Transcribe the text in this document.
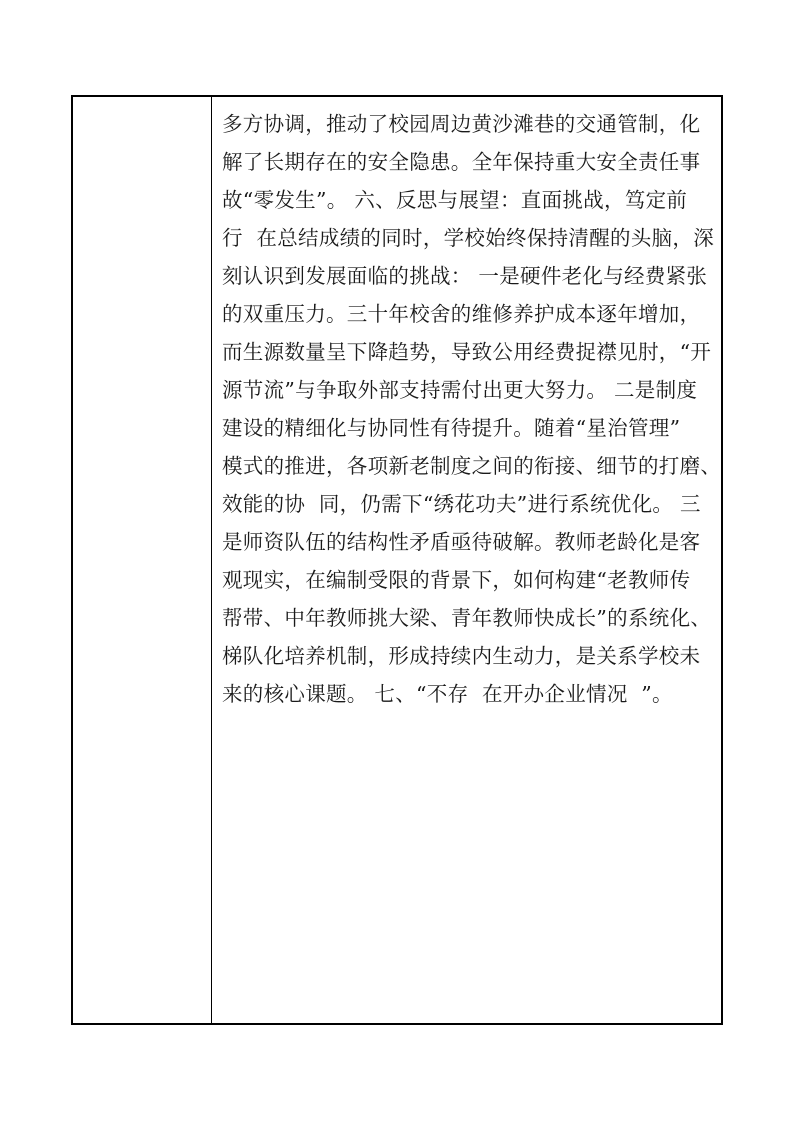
多方协调，推动了校园周边黄沙滩巷的交通管制，化
解了长期存在的安全隐患。全年保持重大安全责任事
故“零发生”。 六、反思与展望：直面挑战，笃定前
行  在总结成绩的同时，学校始终保持清醒的头脑，深
刻认识到发展面临的挑战： 一是硬件老化与经费紧张
的双重压力。三十年校舍的维修养护成本逐年增加，
而生源数量呈下降趋势，导致公用经费捉襟见肘，“开
源节流”与争取外部支持需付出更大努力。 二是制度
建设的精细化与协同性有待提升。随着“星治管理”
模式的推进，各项新老制度之间的衔接、细节的打磨、
效能的协  同，仍需下“绣花功夫”进行系统优化。 三
是师资队伍的结构性矛盾亟待破解。教师老龄化是客
观现实，在编制受限的背景下，如何构建“老教师传
帮带、中年教师挑大梁、青年教师快成长”的系统化、
梯队化培养机制，形成持续内生动力，是关系学校未
来的核心课题。 七、“不存  在开办企业情况  ”。
